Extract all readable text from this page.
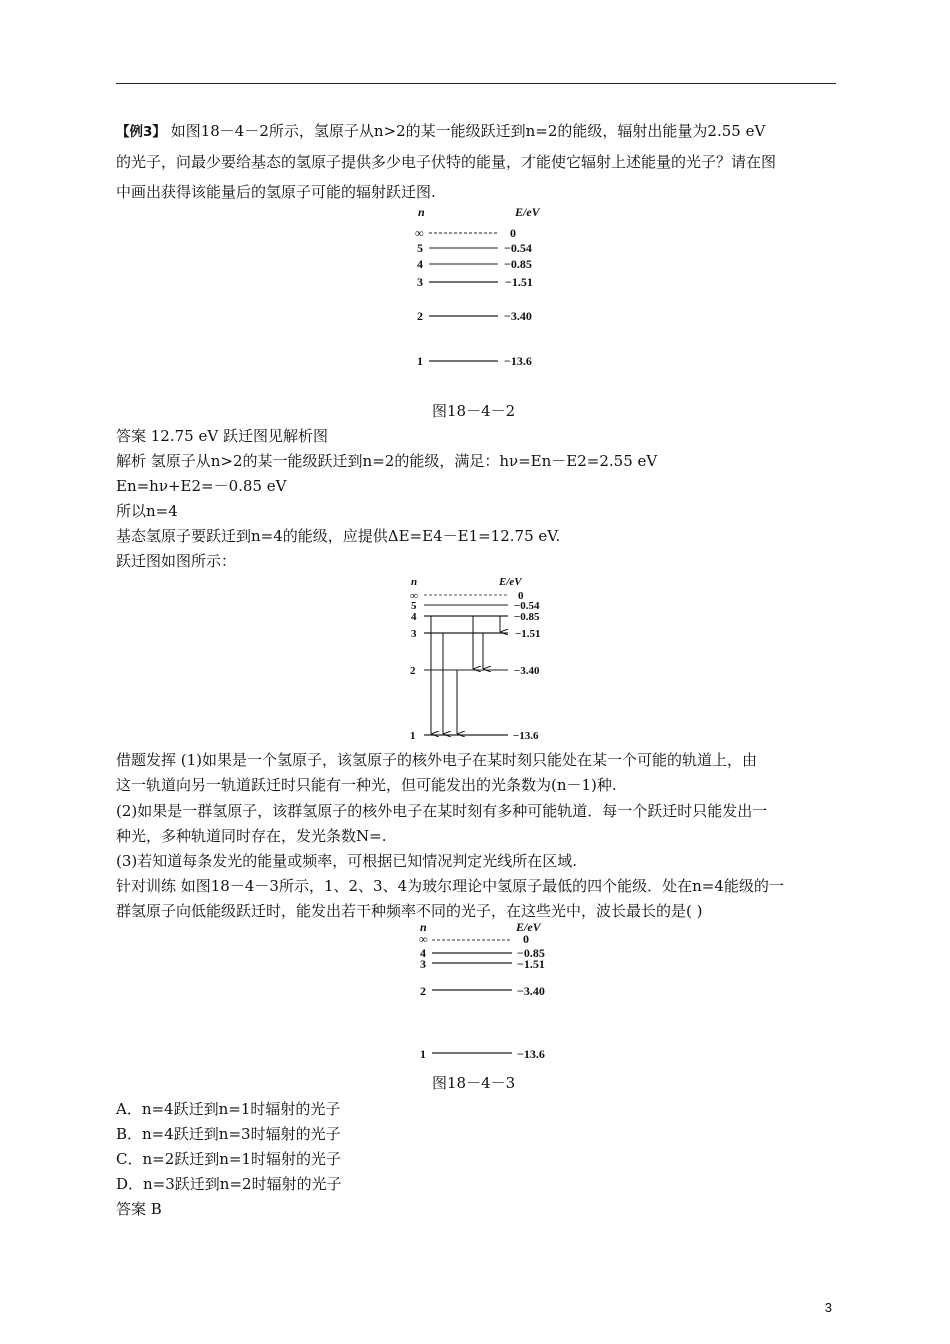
【例3】 如图18－4－2所示，氢原子从n>2的某一能级跃迁到n=2的能级，辐射出能量为2.55 eV
的光子，问最少要给基态的氢原子提供多少电子伏特的能量，才能使它辐射上述能量的光子？请在图
中画出获得该能量后的氢原子可能的辐射跃迁图.
n	E/eV
∞	0
5	−0.54
4	−0.85
3	−1.51
2	−3.40
1	−13.6
图18－4－2
答案 12.75 eV 跃迁图见解析图
解析 氢原子从n>2的某一能级跃迁到n=2的能级，满足：hν=En－E2=2.55 eV
En=hν+E2=－0.85 eV
所以n=4
基态氢原子要跃迁到n=4的能级，应提供ΔE=E4－E1=12.75 eV.
跃迁图如图所示：
n	E/eV
∞	0
5	−0.54
4	−0.85
3	−1.51
2	−3.40
1	−13.6
借题发挥 (1)如果是一个氢原子，该氢原子的核外电子在某时刻只能处在某一个可能的轨道上，由
这一轨道向另一轨道跃迁时只能有一种光，但可能发出的光条数为(n－1)种.
(2)如果是一群氢原子，该群氢原子的核外电子在某时刻有多种可能轨道．每一个跃迁时只能发出一
种光，多种轨道同时存在，发光条数N=.
(3)若知道每条发光的能量或频率，可根据已知情况判定光线所在区域.
针对训练 如图18－4－3所示，1、2、3、4为玻尔理论中氢原子最低的四个能级．处在n=4能级的一
群氢原子向低能级跃迁时，能发出若干种频率不同的光子，在这些光中，波长最长的是( )
n	E/eV
∞	0
4	−0.85
3	−1.51
2	−3.40
1	−13.6
图18－4－3
A．n=4跃迁到n=1时辐射的光子
B．n=4跃迁到n=3时辐射的光子
C．n=2跃迁到n=1时辐射的光子
D．n=3跃迁到n=2时辐射的光子
答案 B
3
